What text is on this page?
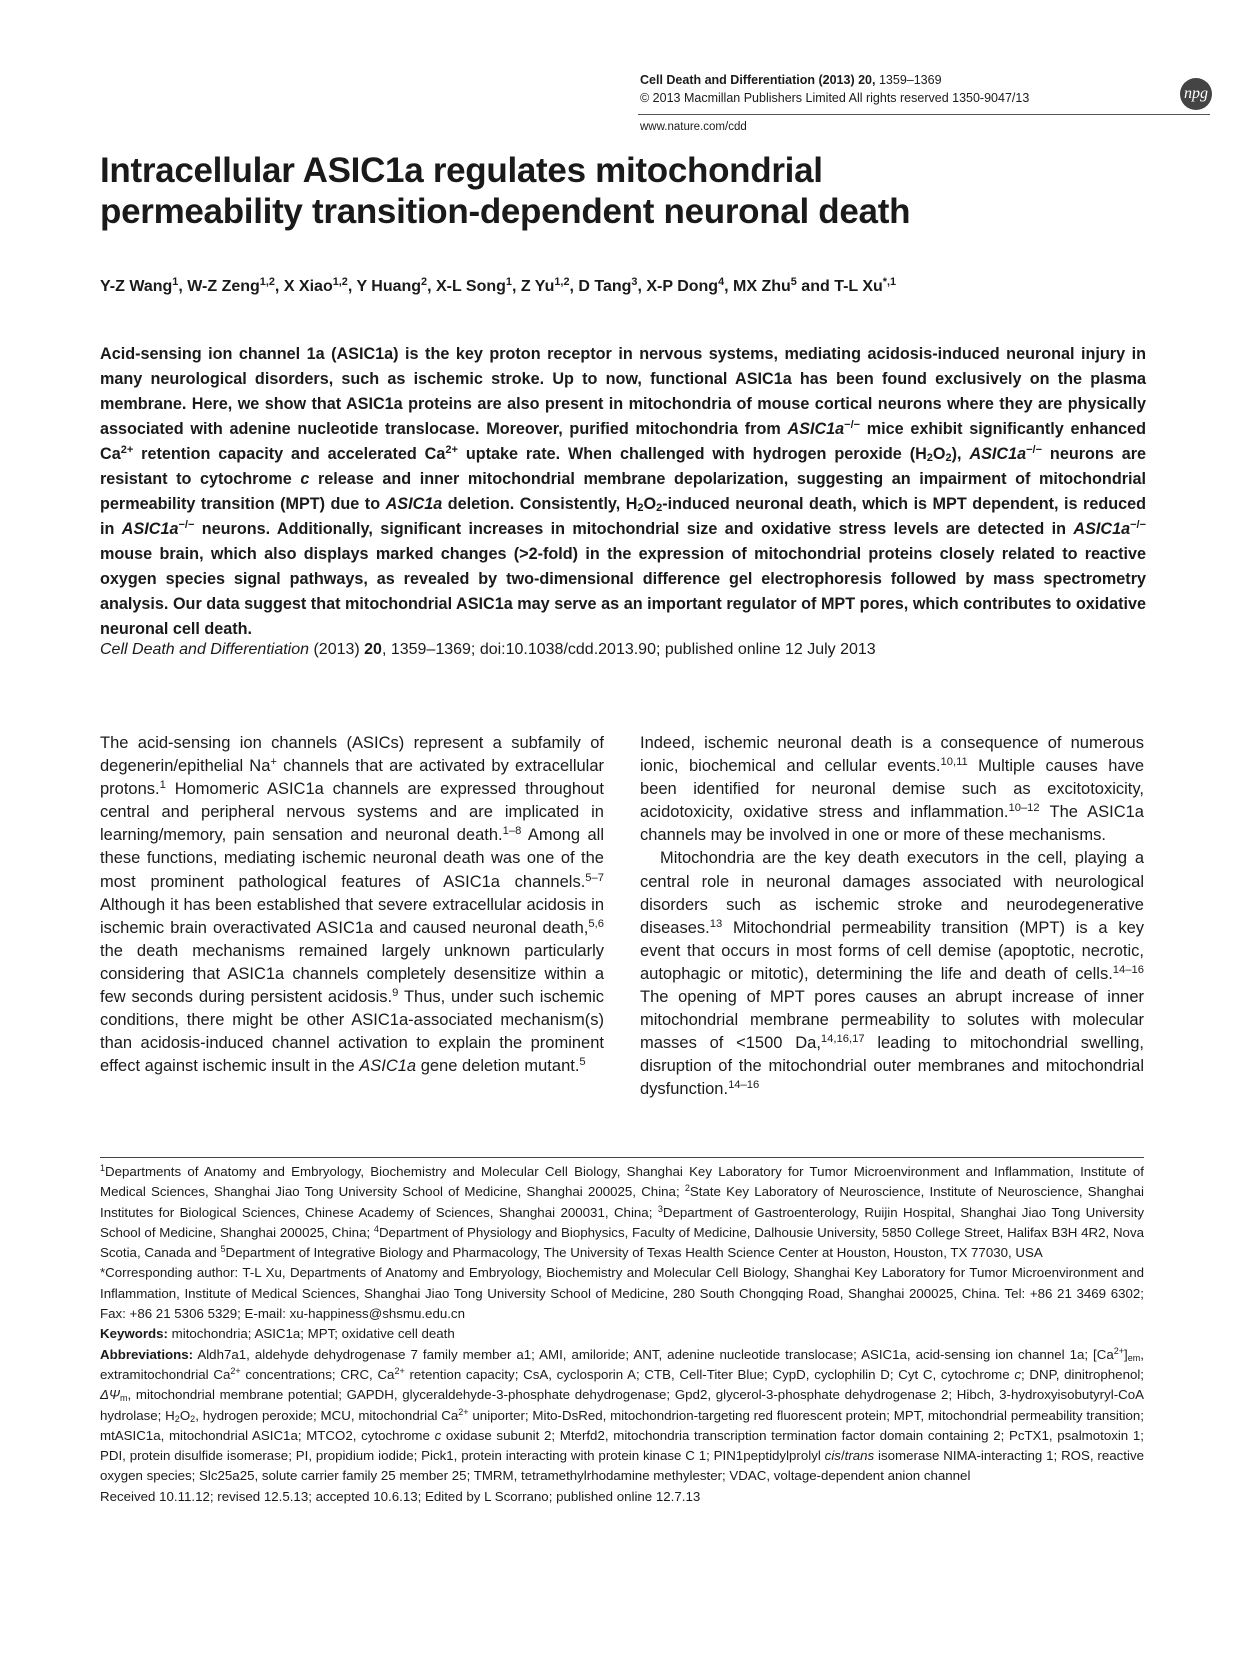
Cell Death and Differentiation (2013) 20, 1359–1369
© 2013 Macmillan Publishers Limited All rights reserved 1350-9047/13
www.nature.com/cdd
npg
Intracellular ASIC1a regulates mitochondrial
permeability transition-dependent neuronal death
Y-Z Wang$^1$, W-Z Zeng$^{1,2}$, X Xiao$^{1,2}$, Y Huang$^2$, X-L Song$^1$, Z Yu$^{1,2}$, D Tang$^3$, X-P Dong$^4$, MX Zhu$^5$ and T-L $Xu^{*,1}$
Acid-sensing ion channel 1a (ASIC1a) is the key proton receptor in nervous systems, mediating acidosis-induced neuronal injury in many neurological disorders, such as ischemic stroke. Up to now, functional ASIC1a has been found exclusively on the plasma membrane. Here, we show that ASIC1a proteins are also present in mitochondria of mouse cortical neurons where they are physically associated with adenine nucleotide translocase. Moreover, purified mitochondria from ASIC1a−/− mice exhibit significantly enhanced $Ca^{2+}$ retention capacity and accelerated $Ca^{2+}$ uptake rate. When challenged with hydrogen peroxide $(H_2O_2)$, ASIC1a−/− neurons are resistant to cytochrome c release and inner mitochondrial membrane depolarization, suggesting an impairment of mitochondrial permeability transition (MPT) due to ASIC1a deletion. Consistently, $H_2O_2$-induced neuronal death, which is MPT dependent, is reduced in ASIC1a−/− neurons. Additionally, significant increases in mitochondrial size and oxidative stress levels are detected in ASIC1a−/− mouse brain, which also displays marked changes (>2-fold) in the expression of mitochondrial proteins closely related to reactive oxygen species signal pathways, as revealed by two-dimensional difference gel electrophoresis followed by mass spectrometry analysis. Our data suggest that mitochondrial ASIC1a may serve as an important regulator of MPT pores, which contributes to oxidative neuronal cell death.
Cell Death and Differentiation (2013) 20, 1359–1369; doi:10.1038/cdd.2013.90; published online 12 July 2013

The acid-sensing ion channels (ASICs) represent a subfamily of degenerin/epithelial Na+ channels that are activated by extracellular protons.$^1$ Homomeric ASIC1a channels are expressed throughout central and peripheral nervous systems and are implicated in learning/memory, pain sensation and neuronal death.$^{1-8}$ Among all these functions, mediating ischemic neuronal death was one of the most prominent pathological features of ASIC1a channels.$^{5-7}$ Although it has been established that severe extracellular acidosis in ischemic brain overactivated ASIC1a and caused neuronal death,$^{5,6}$ the death mechanisms remained largely unknown particularly considering that ASIC1a channels completely desensitize within a few seconds during persistent acidosis.$^9$ Thus, under such ischemic conditions, there might be other ASIC1a-associated mechanism(s) than acidosis-induced channel activation to explain the prominent effect against ischemic insult in the ASIC1a gene deletion mutant.$^5$

Indeed, ischemic neuronal death is a consequence of numerous ionic, biochemical and cellular events.$^{10,11}$ Multiple causes have been identified for neuronal demise such as excitotoxicity, acidotoxicity, oxidative stress and inflammation.$^{10-12}$ The ASIC1a channels may be involved in one or more of these mechanisms.

Mitochondria are the key death executors in the cell, playing a central role in neuronal damages associated with neurological disorders such as ischemic stroke and neurodegenerative diseases.$^{13}$ Mitochondrial permeability transition (MPT) is a key event that occurs in most forms of cell demise (apoptotic, necrotic, autophagic or mitotic), determining the life and death of cells.$^{14-16}$ The opening of MPT pores causes an abrupt increase of inner mitochondrial membrane permeability to solutes with molecular masses of <1500 Da,$^{14,16,17}$ leading to mitochondrial swelling, disruption of the mitochondrial outer membranes and mitochondrial dysfunction.$^{14-16}$

$^1$Departments of Anatomy and Embryology, Biochemistry and Molecular Cell Biology, Shanghai Key Laboratory for Tumor Microenvironment and Inflammation, Institute of Medical Sciences, Shanghai Jiao Tong University School of Medicine, Shanghai 200025, China; $^2$State Key Laboratory of Neuroscience, Institute of Neuroscience, Shanghai Institutes for Biological Sciences, Chinese Academy of Sciences, Shanghai 200031, China; $^3$Department of Gastroenterology, Ruijin Hospital, Shanghai Jiao Tong University School of Medicine, Shanghai 200025, China; $^4$Department of Physiology and Biophysics, Faculty of Medicine, Dalhousie University, 5850 College Street, Halifax B3H 4R2, Nova Scotia, Canada and $^5$Department of Integrative Biology and Pharmacology, The University of Texas Health Science Center at Houston, Houston, TX 77030, USA

*Corresponding author: T-L Xu, Departments of Anatomy and Embryology, Biochemistry and Molecular Cell Biology, Shanghai Key Laboratory for Tumor Microenvironment and Inflammation, Institute of Medical Sciences, Shanghai Jiao Tong University School of Medicine, 280 South Chongqing Road, Shanghai 200025, China. Tel: +86 21 3469 6302; Fax: +86 21 5306 5329; E-mail: xu-happiness@shsmu.edu.cn

Keywords: mitochondria; ASIC1a; MPT; oxidative cell death

Abbreviations: Aldh7a1, aldehyde dehydrogenase 7 family member a1; AMI, amiloride; ANT, adenine nucleotide translocase; ASIC1a, acid-sensing ion channel 1a; $[Ca^{2+}]_{em}$, extramitochondrial $Ca^{2+}$ concentrations; CRC, $Ca^{2+}$ retention capacity; CsA, cyclosporin A; CTB, Cell-Titer Blue; CypD, cyclophilin D; Cyt C, cytochrome c; DNP, dinitrophenol; $\Delta\Psi_m$, mitochondrial membrane potential; GAPDH, glyceraldehyde-3-phosphate dehydrogenase; Gpd2, glycerol-3-phosphate dehydrogenase 2; Hibch, 3-hydroxyisobutyryl-CoA hydrolase; $H_2O_2$, hydrogen peroxide; MCU, mitochondrial $Ca^{2+}$ uniporter; Mito-DsRed, mitochondrion-targeting red fluorescent protein; MPT, mitochondrial permeability transition; mtASIC1a, mitochondrial ASIC1a; MTCO2, cytochrome c oxidase subunit 2; Mterfd2, mitochondria transcription termination factor domain containing 2; PcTX1, psalmotoxin 1; PDI, protein disulfide isomerase; PI, propidium iodide; Pick1, protein interacting with protein kinase C 1; PIN1peptidylprolyl cis/trans isomerase NIMA-interacting 1; ROS, reactive oxygen species; Slc25a25, solute carrier family 25 member 25; TMRM, tetramethylrhodamine methylester; VDAC, voltage-dependent anion channel

Received 10.11.12; revised 12.5.13; accepted 10.6.13; Edited by L Scorrano; published online 12.7.13
